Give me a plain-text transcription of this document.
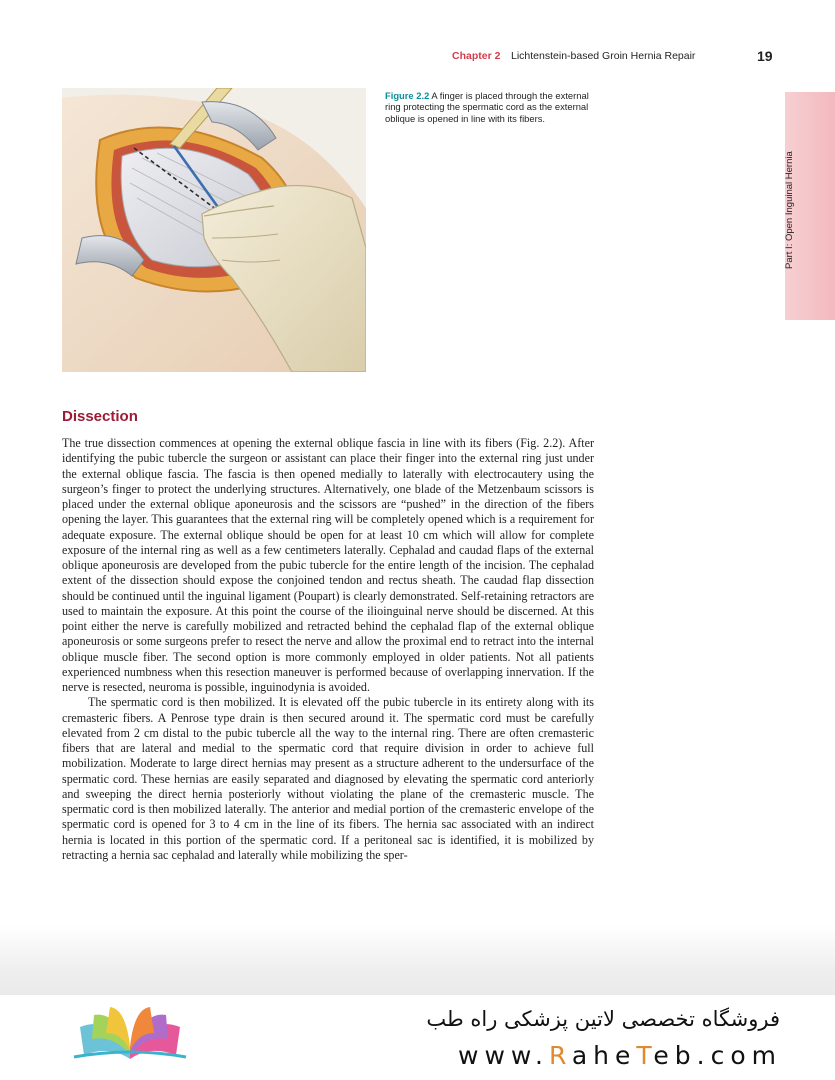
Chapter 2 Lichtenstein-based Groin Hernia Repair	19
Part I: Open Inguinal Hernia
Figure 2.2 A finger is placed through the external ring protecting the spermatic cord as the external oblique is opened in line with its fibers.
Dissection

The true dissection commences at opening the external oblique fascia in line with its fibers (Fig. 2.2). After identifying the pubic tubercle the surgeon or assistant can place their finger into the external ring just under the external oblique fascia. The fascia is then opened medially to laterally with electrocautery using the surgeon’s finger to protect the underlying structures. Alternatively, one blade of the Metzenbaum scissors is placed under the external oblique aponeurosis and the scissors are “pushed” in the direction of the fibers opening the layer. This guarantees that the external ring will be completely opened which is a requirement for adequate exposure. The external oblique should be open for at least 10 cm which will allow for complete exposure of the internal ring as well as a few centimeters laterally. Cephalad and caudad flaps of the external oblique aponeurosis are developed from the pubic tubercle for the entire length of the incision. The cephalad extent of the dissection should expose the conjoined tendon and rectus sheath. The caudad flap dissection should be continued until the inguinal ligament (Poupart) is clearly demonstrated. Self-retaining retractors are used to maintain the exposure. At this point the course of the ilioinguinal nerve should be discerned. At this point either the nerve is carefully mobilized and retracted behind the cephalad flap of the external oblique aponeurosis or some surgeons prefer to resect the nerve and allow the proximal end to retract into the internal oblique muscle fiber. The second option is more commonly employed in older patients. Not all patients experienced numbness when this resection maneuver is performed because of overlapping innervation. If the nerve is resected, neuroma is possible, inguinodynia is avoided.

The spermatic cord is then mobilized. It is elevated off the pubic tubercle in its entirety along with its cremasteric fibers. A Penrose type drain is then secured around it. The spermatic cord must be carefully elevated from 2 cm distal to the pubic tubercle all the way to the internal ring. There are often cremasteric fibers that are lateral and medial to the spermatic cord that require division in order to achieve full mobilization. Moderate to large direct hernias may present as a structure adherent to the undersurface of the spermatic cord. These hernias are easily separated and diagnosed by elevating the spermatic cord anteriorly and sweeping the direct hernia posteriorly without violating the plane of the cremasteric muscle. The spermatic cord is then mobilized laterally. The anterior and medial portion of the cremasteric envelope of the spermatic cord is opened for 3 to 4 cm in the line of its fibers. The hernia sac associated with an indirect hernia is located in this portion of the spermatic cord. If a peritoneal sac is identified, it is mobilized by retracting a hernia sac cephalad and laterally while mobilizing the sper-

فروشگاه تخصصی لاتین پزشکی راه طب
www.RaheTeb.com
